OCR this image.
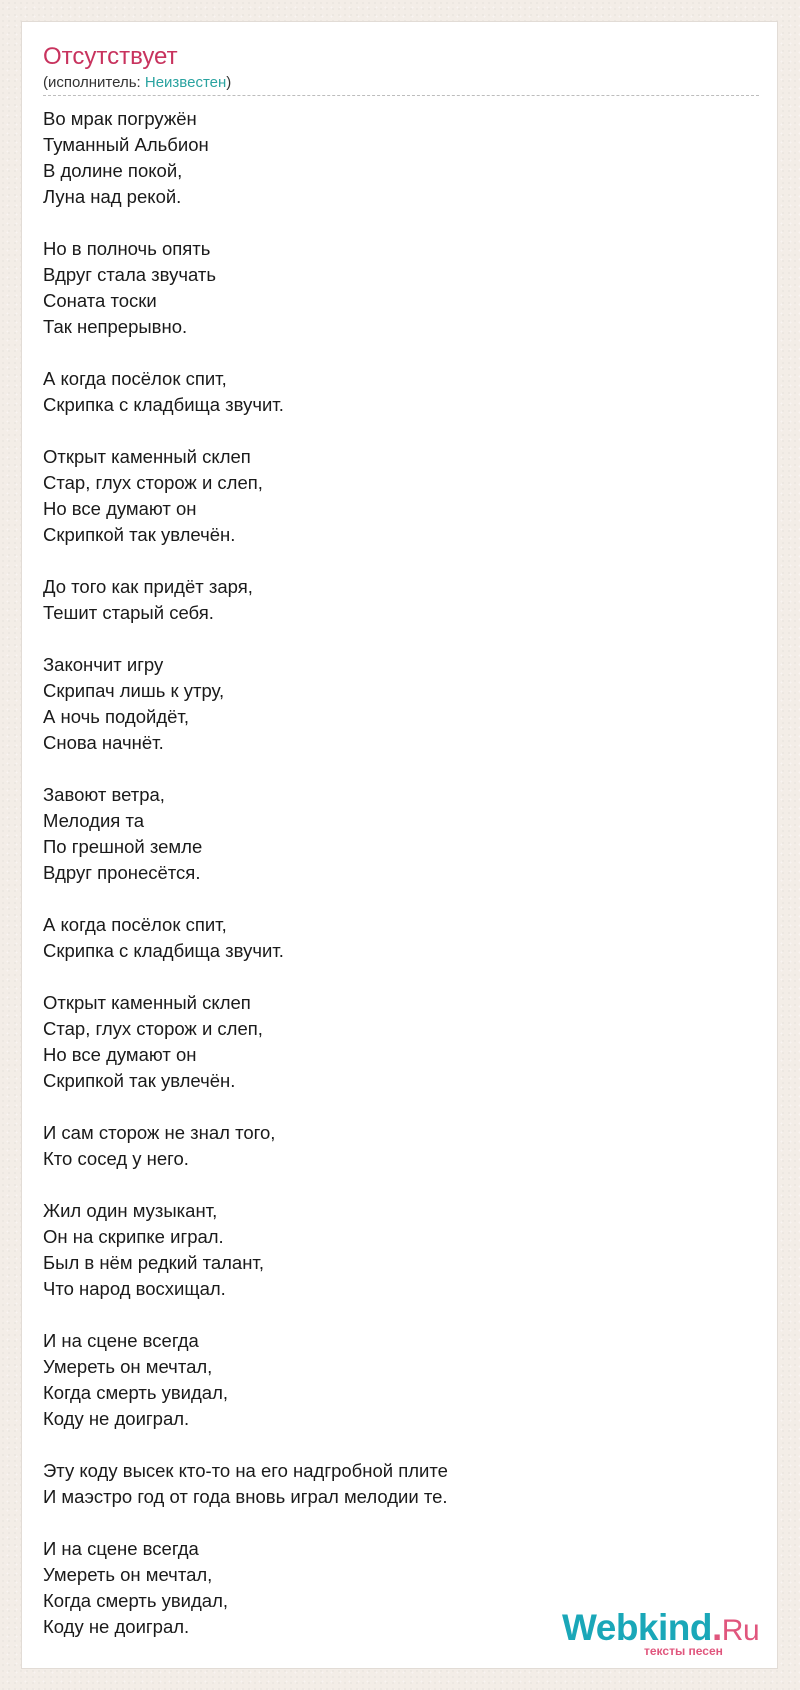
Отсутствует
(исполнитель: Неизвестен)
Во мрак погружён
Туманный Альбион
В долине покой,
Луна над рекой.
Но в полночь опять
Вдруг стала звучать
Соната тоски
Так непрерывно.
А когда посёлок спит,
Скрипка с кладбища звучит.
Открыт каменный склеп
Стар, глух сторож и слеп,
Но все думают он
Скрипкой так увлечён.
До того как придёт заря,
Тешит старый себя.
Закончит игру
Скрипач лишь к утру,
А ночь подойдёт,
Снова начнёт.
Завоют ветра,
Мелодия та
По грешной земле
Вдруг пронесётся.
А когда посёлок спит,
Скрипка с кладбища звучит.
Открыт каменный склеп
Стар, глух сторож и слеп,
Но все думают он
Скрипкой так увлечён.
И сам сторож не знал того,
Кто сосед у него.
Жил один музыкант,
Он на скрипке играл.
Был в нём редкий талант,
Что народ восхищал.
И на сцене всегда
Умереть он мечтал,
Когда смерть увидал,
Коду не доиграл.
Эту коду высек кто-то на его надгробной плите
И маэстро год от года вновь играл мелодии те.
И на сцене всегда
Умереть он мечтал,
Когда смерть увидал,
Коду не доиграл.	Webkind.Ru
тексты песен
